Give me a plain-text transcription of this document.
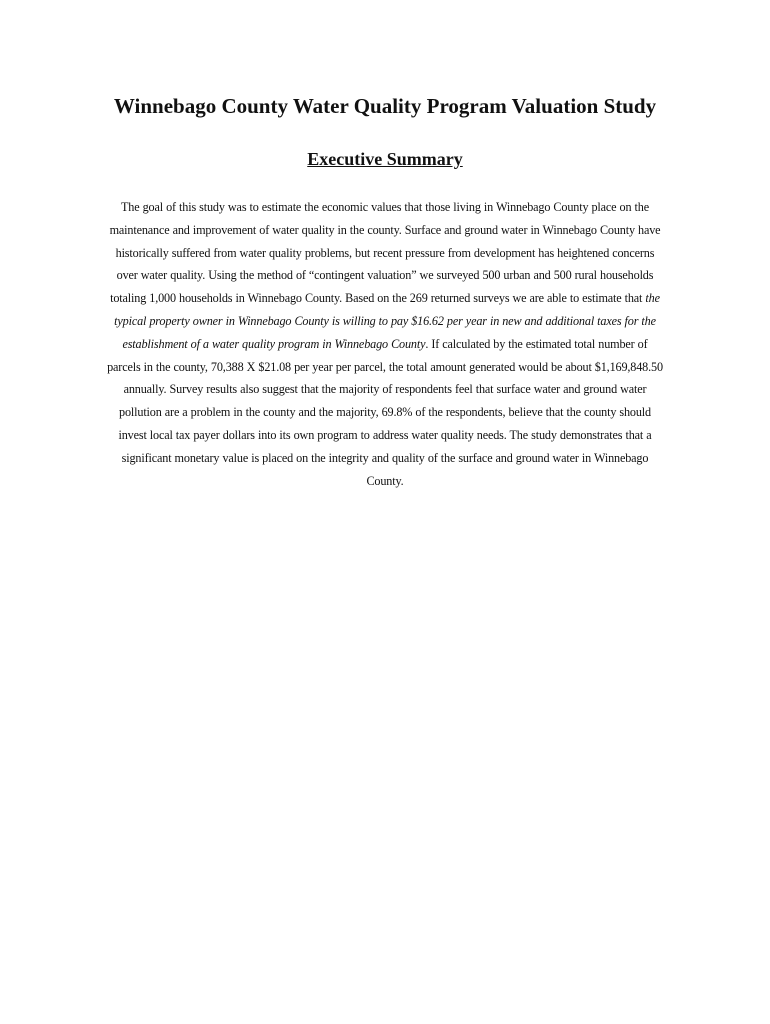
Winnebago County Water Quality Program Valuation Study
Executive Summary

The goal of this study was to estimate the economic values that those living in Winnebago County place on the maintenance and improvement of water quality in the county. Surface and ground water in Winnebago County have historically suffered from water quality problems, but recent pressure from development has heightened concerns over water quality. Using the method of “contingent valuation” we surveyed 500 urban and 500 rural households totaling 1,000 households in Winnebago County. Based on the 269 returned surveys we are able to estimate that the typical property owner in Winnebago County is willing to pay $16.62 per year in new and additional taxes for the establishment of a water quality program in Winnebago County. If calculated by the estimated total number of parcels in the county, 70,388 X $21.08 per year per parcel, the total amount generated would be about $1,169,848.50 annually. Survey results also suggest that the majority of respondents feel that surface water and ground water pollution are a problem in the county and the majority, 69.8% of the respondents, believe that the county should invest local tax payer dollars into its own program to address water quality needs. The study demonstrates that a significant monetary value is placed on the integrity and quality of the surface and ground water in Winnebago County.
